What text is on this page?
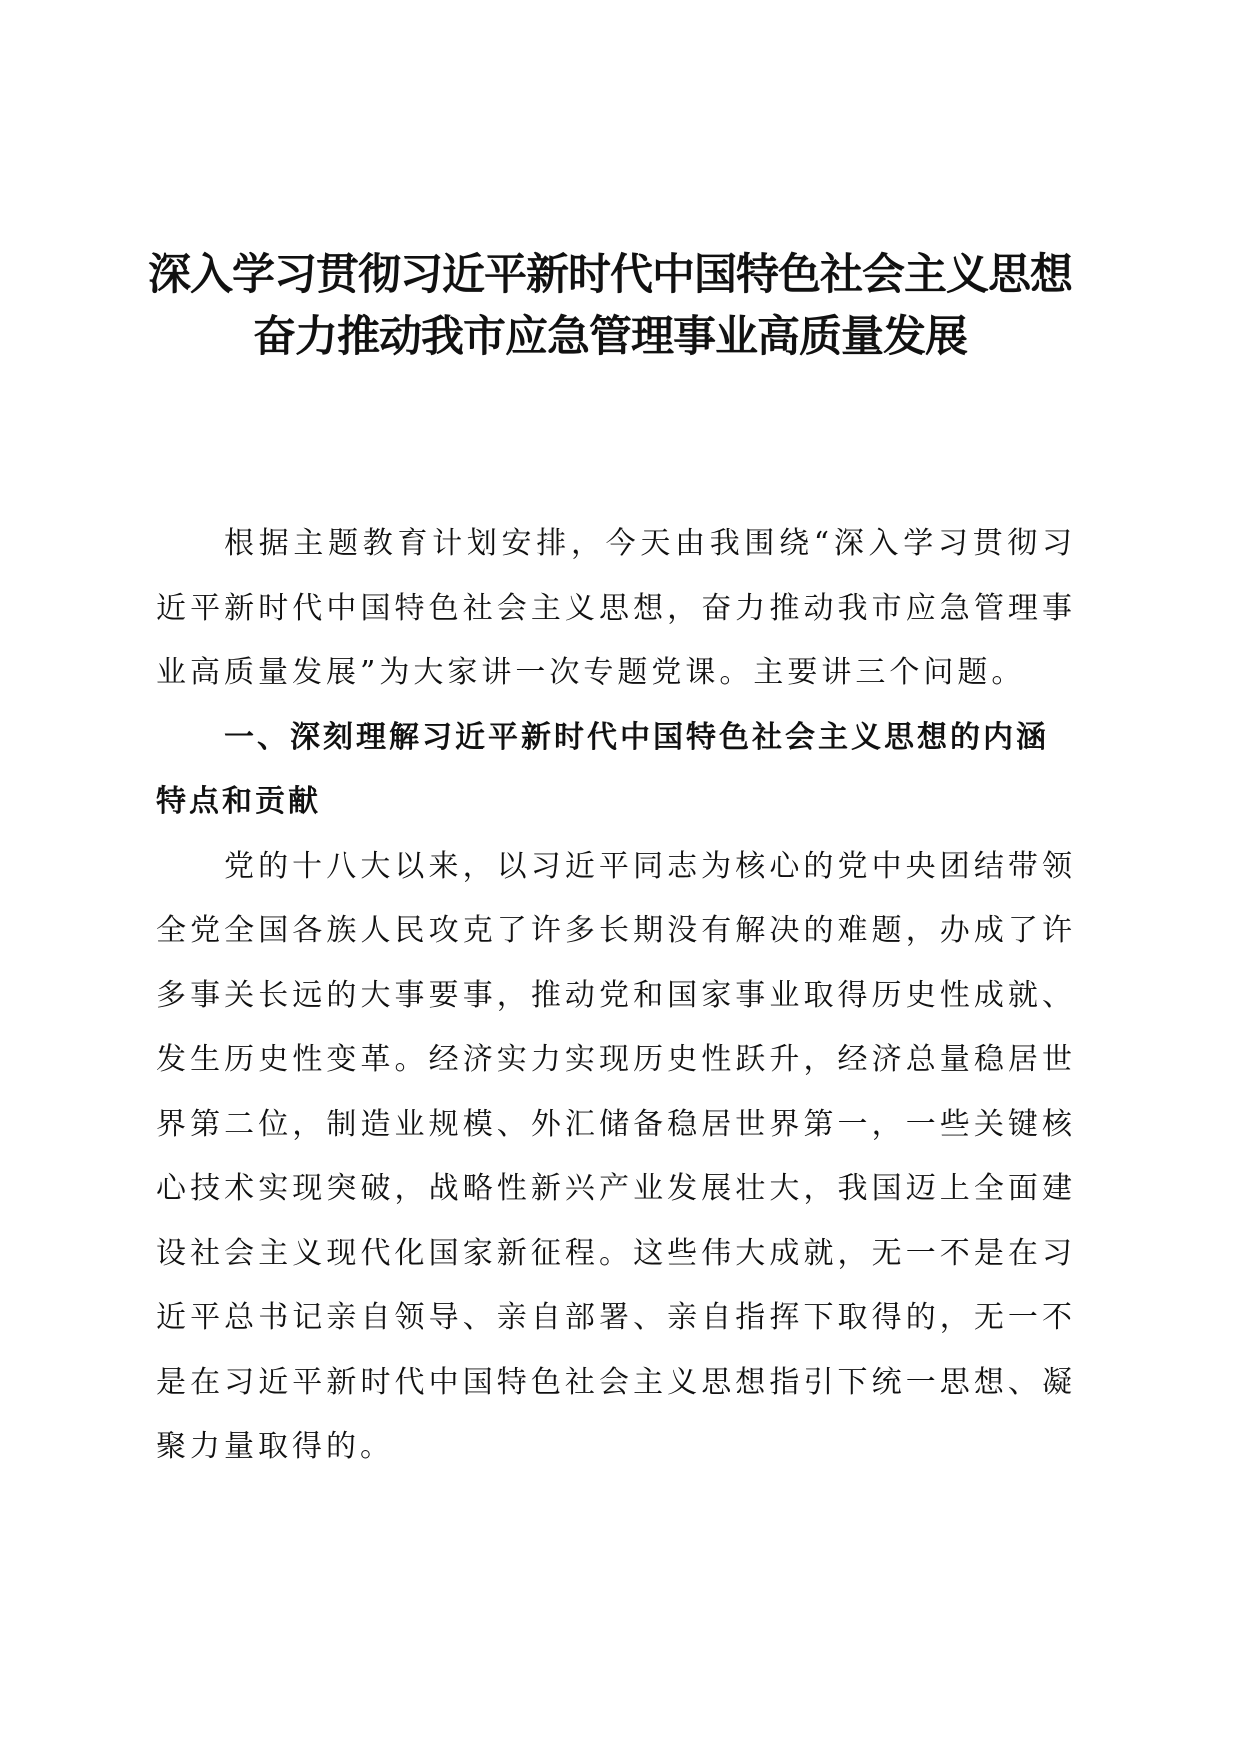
深入学习贯彻习近平新时代中国特色社会主义思想

奋力推动我市应急管理事业高质量发展

根据主题教育计划安排，今天由我围绕“深入学习贯彻习近平新时代中国特色社会主义思想，奋力推动我市应急管理事业高质量发展”为大家讲一次专题党课。主要讲三个问题。

一、深刻理解习近平新时代中国特色社会主义思想的内涵特点和贡献

党的十八大以来，以习近平同志为核心的党中央团结带领全党全国各族人民攻克了许多长期没有解决的难题，办成了许多事关长远的大事要事，推动党和国家事业取得历史性成就、发生历史性变革。经济实力实现历史性跃升，经济总量稳居世界第二位，制造业规模、外汇储备稳居世界第一，一些关键核心技术实现突破，战略性新兴产业发展壮大，我国迈上全面建设社会主义现代化国家新征程。这些伟大成就，无一不是在习近平总书记亲自领导、亲自部署、亲自指挥下取得的，无一不是在习近平新时代中国特色社会主义思想指引下统一思想、凝聚力量取得的。
